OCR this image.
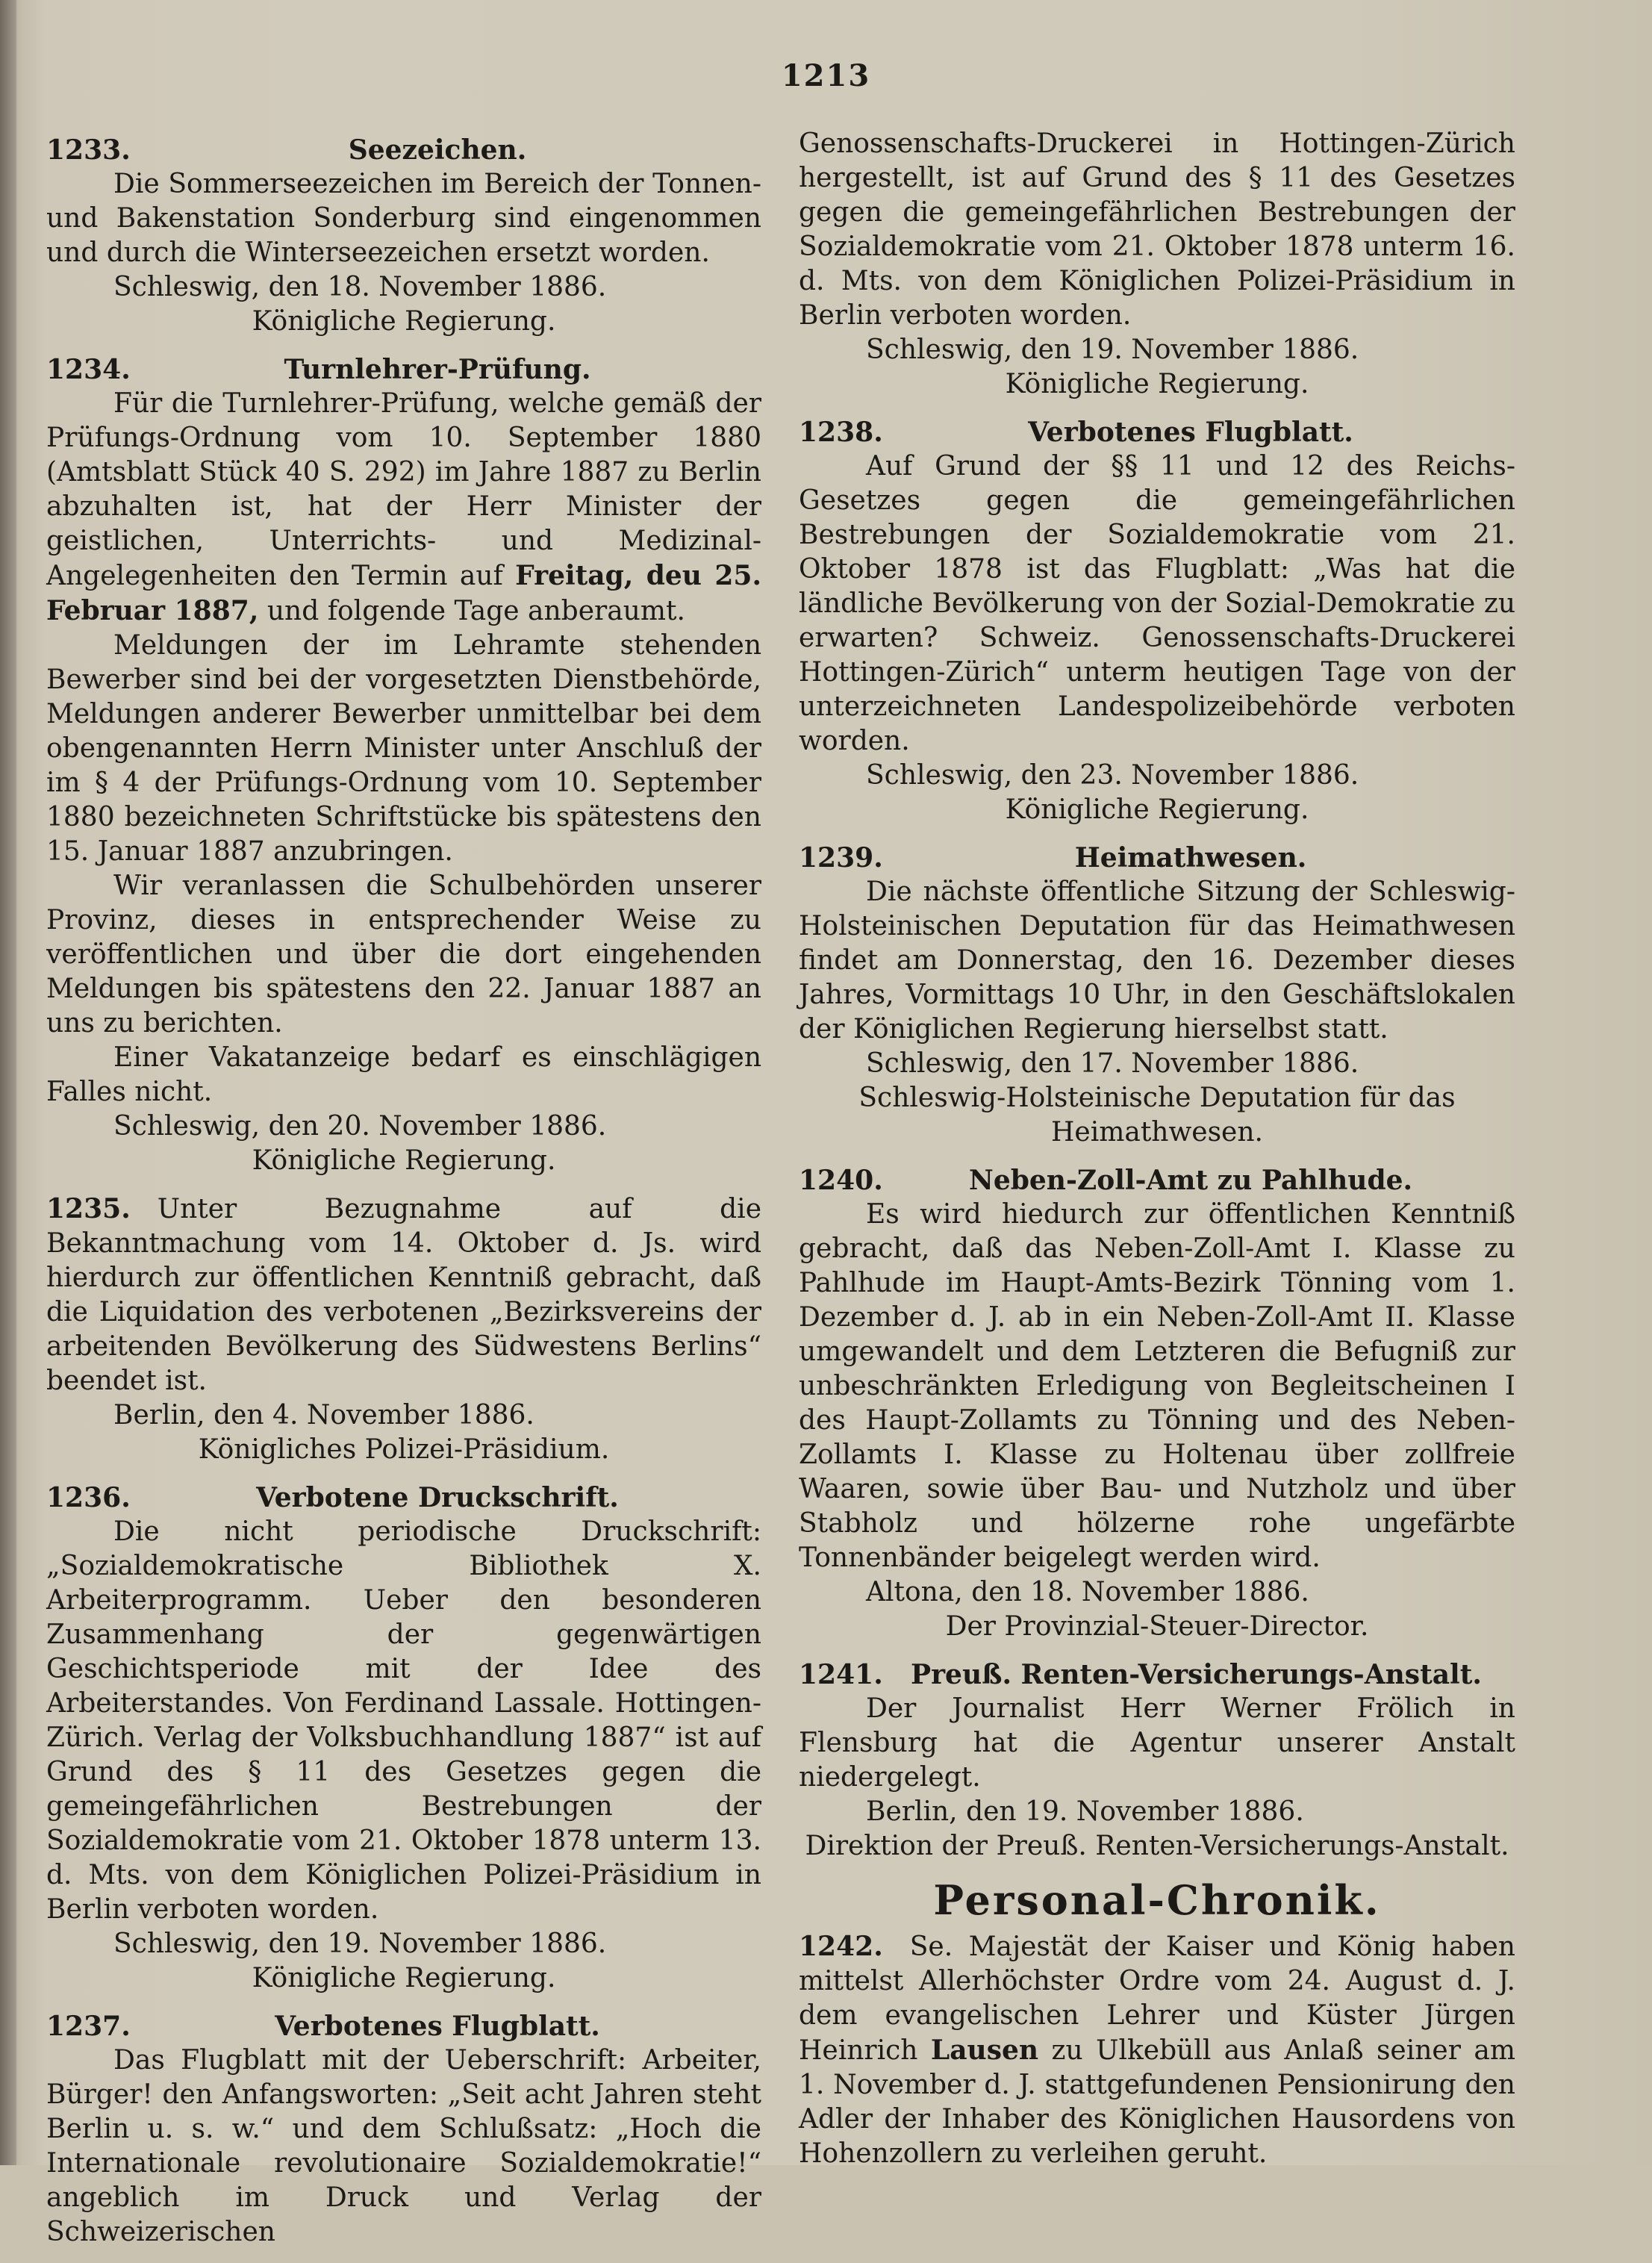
1213
1233.	Seezeichen.

Die Sommerseezeichen im Bereich der Tonnen- und Bakenstation Sonderburg sind eingenommen und durch die Winterseezeichen ersetzt worden.

Schleswig, den 18. November 1886.
Königliche Regierung.
1234.	Turnlehrer-Prüfung.

Für die Turnlehrer-Prüfung, welche gemäß der Prüfungs-Ordnung vom 10. September 1880 (Amtsblatt Stück 40 S. 292) im Jahre 1887 zu Berlin abzuhalten ist, hat der Herr Minister der geistlichen, Unterrichts- und Medizinal-Angelegenheiten den Termin auf Freitag, deu 25. Februar 1887, und folgende Tage anberaumt.

Meldungen der im Lehramte stehenden Bewerber sind bei der vorgesetzten Dienstbehörde, Meldungen anderer Bewerber unmittelbar bei dem obengenannten Herrn Minister unter Anschluß der im § 4 der Prüfungs-Ordnung vom 10. September 1880 bezeichneten Schriftstücke bis spätestens den 15. Januar 1887 anzubringen.

Wir veranlassen die Schulbehörden unserer Provinz, dieses in entsprechender Weise zu veröffentlichen und über die dort eingehenden Meldungen bis spätestens den 22. Januar 1887 an uns zu berichten.

Einer Vakatanzeige bedarf es einschlägigen Falles nicht.

Schleswig, den 20. November 1886.
Königliche Regierung.

1235. Unter Bezugnahme auf die Bekanntmachung vom 14. Oktober d. Js. wird hierdurch zur öffentlichen Kenntniß gebracht, daß die Liquidation des verbotenen „Bezirksvereins der arbeitenden Bevölkerung des Südwestens Berlins“ beendet ist.

Berlin, den 4. November 1886.
Königliches Polizei-Präsidium.
1236.	Verbotene Druckschrift.

Die nicht periodische Druckschrift: „Sozialdemokratische Bibliothek X. Arbeiterprogramm. Ueber den besonderen Zusammenhang der gegenwärtigen Geschichtsperiode mit der Idee des Arbeiterstandes. Von Ferdinand Lassale. Hottingen-Zürich. Verlag der Volksbuchhandlung 1887“ ist auf Grund des § 11 des Gesetzes gegen die gemeingefährlichen Bestrebungen der Sozialdemokratie vom 21. Oktober 1878 unterm 13. d. Mts. von dem Königlichen Polizei-Präsidium in Berlin verboten worden.

Schleswig, den 19. November 1886.
Königliche Regierung.
1237.	Verbotenes Flugblatt.

Das Flugblatt mit der Ueberschrift: Arbeiter, Bürger! den Anfangsworten: „Seit acht Jahren steht Berlin u. s. w.“ und dem Schlußsatz: „Hoch die Internationale revolutionaire Sozialdemokratie!“ angeblich im Druck und Verlag der Schweizerischen

Genossenschafts-Druckerei in Hottingen-Zürich hergestellt, ist auf Grund des § 11 des Gesetzes gegen die gemeingefährlichen Bestrebungen der Sozialdemokratie vom 21. Oktober 1878 unterm 16. d. Mts. von dem Königlichen Polizei-Präsidium in Berlin verboten worden.

Schleswig, den 19. November 1886.
Königliche Regierung.
1238.	Verbotenes Flugblatt.

Auf Grund der §§ 11 und 12 des Reichs-Gesetzes gegen die gemeingefährlichen Bestrebungen der Sozialdemokratie vom 21. Oktober 1878 ist das Flugblatt: „Was hat die ländliche Bevölkerung von der Sozial-Demokratie zu erwarten? Schweiz. Genossenschafts-Druckerei Hottingen-Zürich“ unterm heutigen Tage von der unterzeichneten Landespolizeibehörde verboten worden.

Schleswig, den 23. November 1886.
Königliche Regierung.
1239.	Heimathwesen.

Die nächste öffentliche Sitzung der Schleswig-Holsteinischen Deputation für das Heimathwesen findet am Donnerstag, den 16. Dezember dieses Jahres, Vormittags 10 Uhr, in den Geschäftslokalen der Königlichen Regierung hierselbst statt.

Schleswig, den 17. November 1886.
Schleswig-Holsteinische Deputation für das
Heimathwesen.
1240.	Neben-Zoll-Amt zu Pahlhude.

Es wird hiedurch zur öffentlichen Kenntniß gebracht, daß das Neben-Zoll-Amt I. Klasse zu Pahlhude im Haupt-Amts-Bezirk Tönning vom 1. Dezember d. J. ab in ein Neben-Zoll-Amt II. Klasse umgewandelt und dem Letzteren die Befugniß zur unbeschränkten Erledigung von Begleitscheinen I des Haupt-Zollamts zu Tönning und des Neben-Zollamts I. Klasse zu Holtenau über zollfreie Waaren, sowie über Bau- und Nutzholz und über Stabholz und hölzerne rohe ungefärbte Tonnenbänder beigelegt werden wird.

Altona, den 18. November 1886.
Der Provinzial-Steuer-Director.
1241.	Preuß. Renten-Versicherungs-Anstalt.

Der Journalist Herr Werner Frölich in Flensburg hat die Agentur unserer Anstalt niedergelegt.

Berlin, den 19. November 1886.
Direktion der Preuß. Renten-Versicherungs-Anstalt.
Personal-Chronik.

1242. Se. Majestät der Kaiser und König haben mittelst Allerhöchster Ordre vom 24. August d. J. dem evangelischen Lehrer und Küster Jürgen Heinrich Lausen zu Ulkebüll aus Anlaß seiner am 1. November d. J. stattgefundenen Pensionirung den Adler der Inhaber des Königlichen Hausordens von Hohenzollern zu verleihen geruht.
